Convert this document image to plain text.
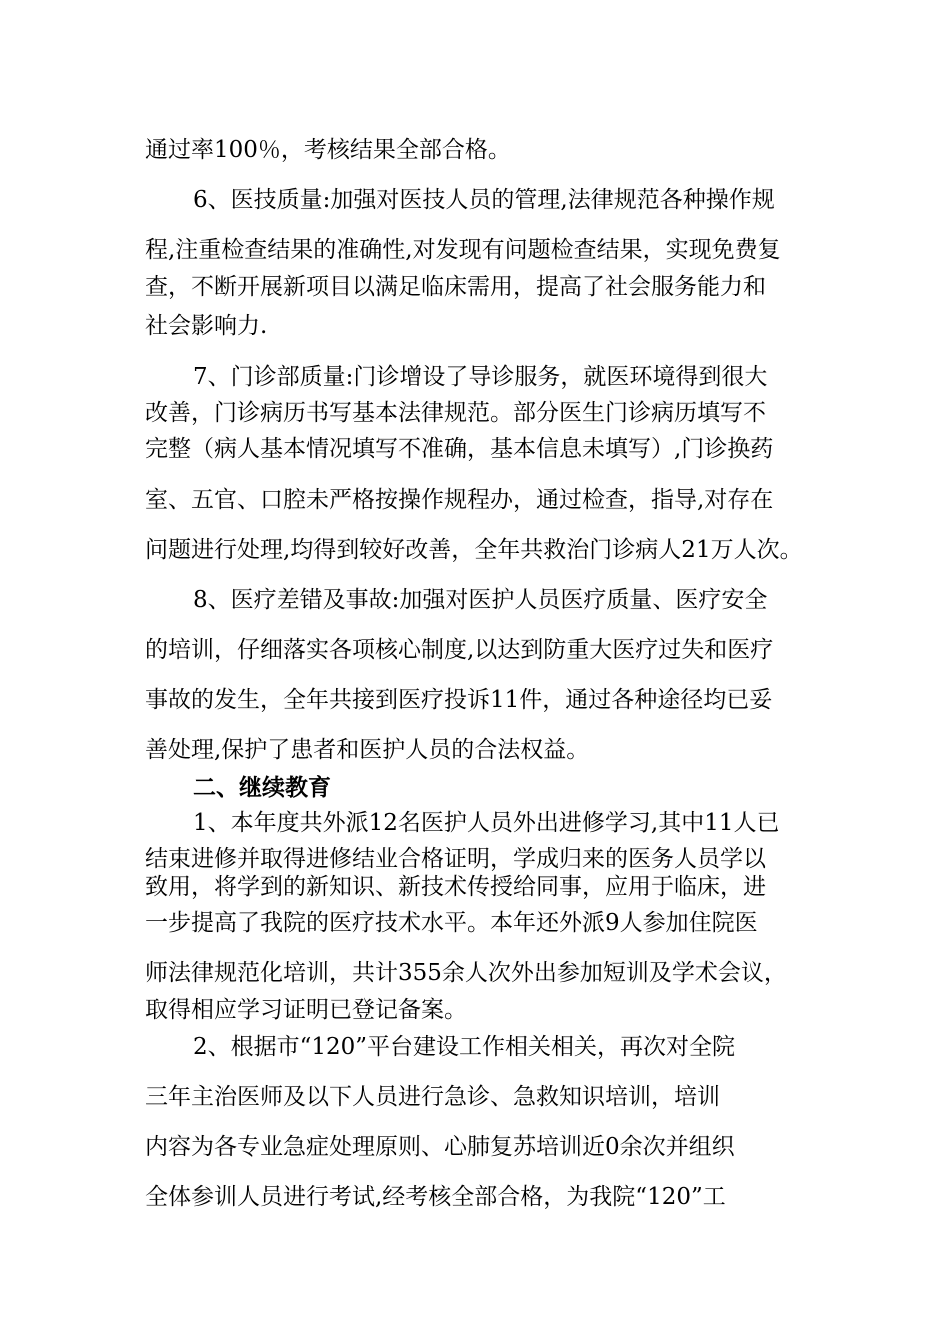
通过率100％，考核结果全部合格。
6、医技质量:加强对医技人员的管理,法律规范各种操作规
程,注重检查结果的准确性,对发现有问题检查结果，实现免费复
查，不断开展新项目以满足临床需用，提高了社会服务能力和
社会影响力.
7、门诊部质量:门诊增设了导诊服务，就医环境得到很大
改善，门诊病历书写基本法律规范。部分医生门诊病历填写不
完整（病人基本情况填写不准确，基本信息未填写）,门诊换药
室、五官、口腔未严格按操作规程办，通过检查，指导,对存在
问题进行处理,均得到较好改善，全年共救治门诊病人21万人次。
8、医疗差错及事故:加强对医护人员医疗质量、医疗安全
的培训，仔细落实各项核心制度,以达到防重大医疗过失和医疗
事故的发生，全年共接到医疗投诉11件，通过各种途径均已妥
善处理,保护了患者和医护人员的合法权益。
二、继续教育
1、本年度共外派12名医护人员外出进修学习,其中11人已
结束进修并取得进修结业合格证明，学成归来的医务人员学以
致用，将学到的新知识、新技术传授给同事，应用于临床，进
一步提高了我院的医疗技术水平。本年还外派9人参加住院医
师法律规范化培训，共计355余人次外出参加短训及学术会议，
取得相应学习证明已登记备案。
2、根据市“120”平台建设工作相关相关，再次对全院
三年主治医师及以下人员进行急诊、急救知识培训，培训
内容为各专业急症处理原则、心肺复苏培训近0余次并组织
全体参训人员进行考试,经考核全部合格，为我院“120”工
